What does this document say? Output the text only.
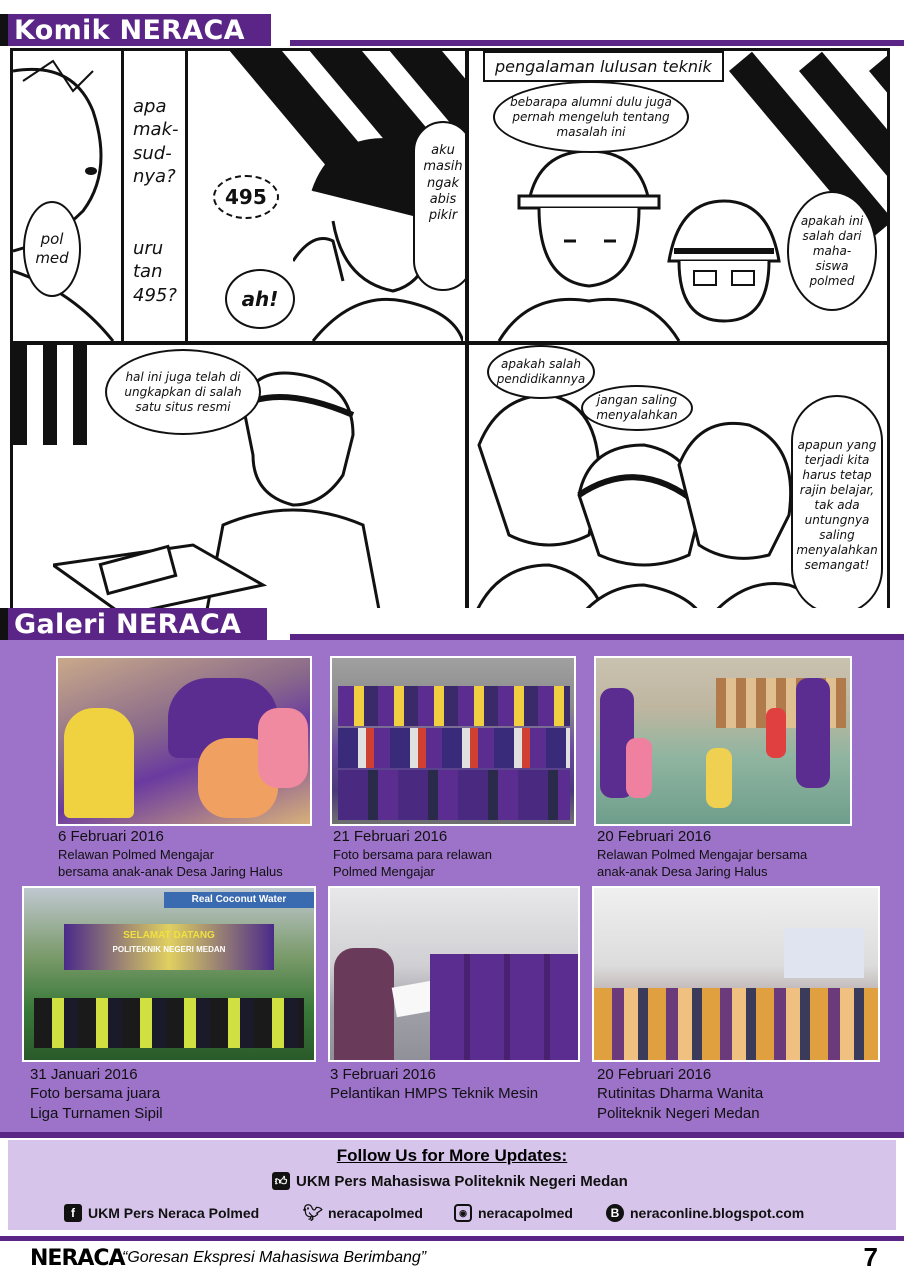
Komik NERACA
pol
med
apa
mak-
sud-
nya?
uru
tan
495?
495
ah!
aku
masih
ngak
abis
pikir
pengalaman lulusan teknik
bebarapa alumni dulu juga pernah mengeluh tentang masalah ini
apakah ini salah dari maha-siswa polmed
hal ini juga telah di ungkapkan di salah satu situs resmi
apakah salah pendidikannya
jangan saling menyalahkan
apapun yang terjadi kita harus tetap rajin belajar, tak ada untungnya saling menyalahkan semangat!
Galeri NERACA
6 Februari 2016
Relawan Polmed Mengajar
bersama anak-anak Desa Jaring Halus
21 Februari 2016
Foto bersama para relawan
Polmed Mengajar
20 Februari 2016
Relawan Polmed Mengajar bersama
anak-anak Desa Jaring Halus
Real Coconut Water
SELAMAT DATANG
POLITEKNIK NEGERI MEDAN
31 Januari 2016
Foto bersama juara
Liga Turnamen Sipil
3 Februari 2016
Pelantikan HMPS Teknik Mesin
20 Februari 2016
Rutinitas Dharma Wanita
Politeknik Negeri Medan
Follow Us for More Updates:
👍︎ UKM Pers Mahasiswa Politeknik Negeri Medan
f UKM Pers Neraca Polmed	🐦︎ neracapolmed	◉ neracapolmed	B neraconline.blogspot.com
NERACA
“Goresan Ekspresi Mahasiswa Berimbang”	7
